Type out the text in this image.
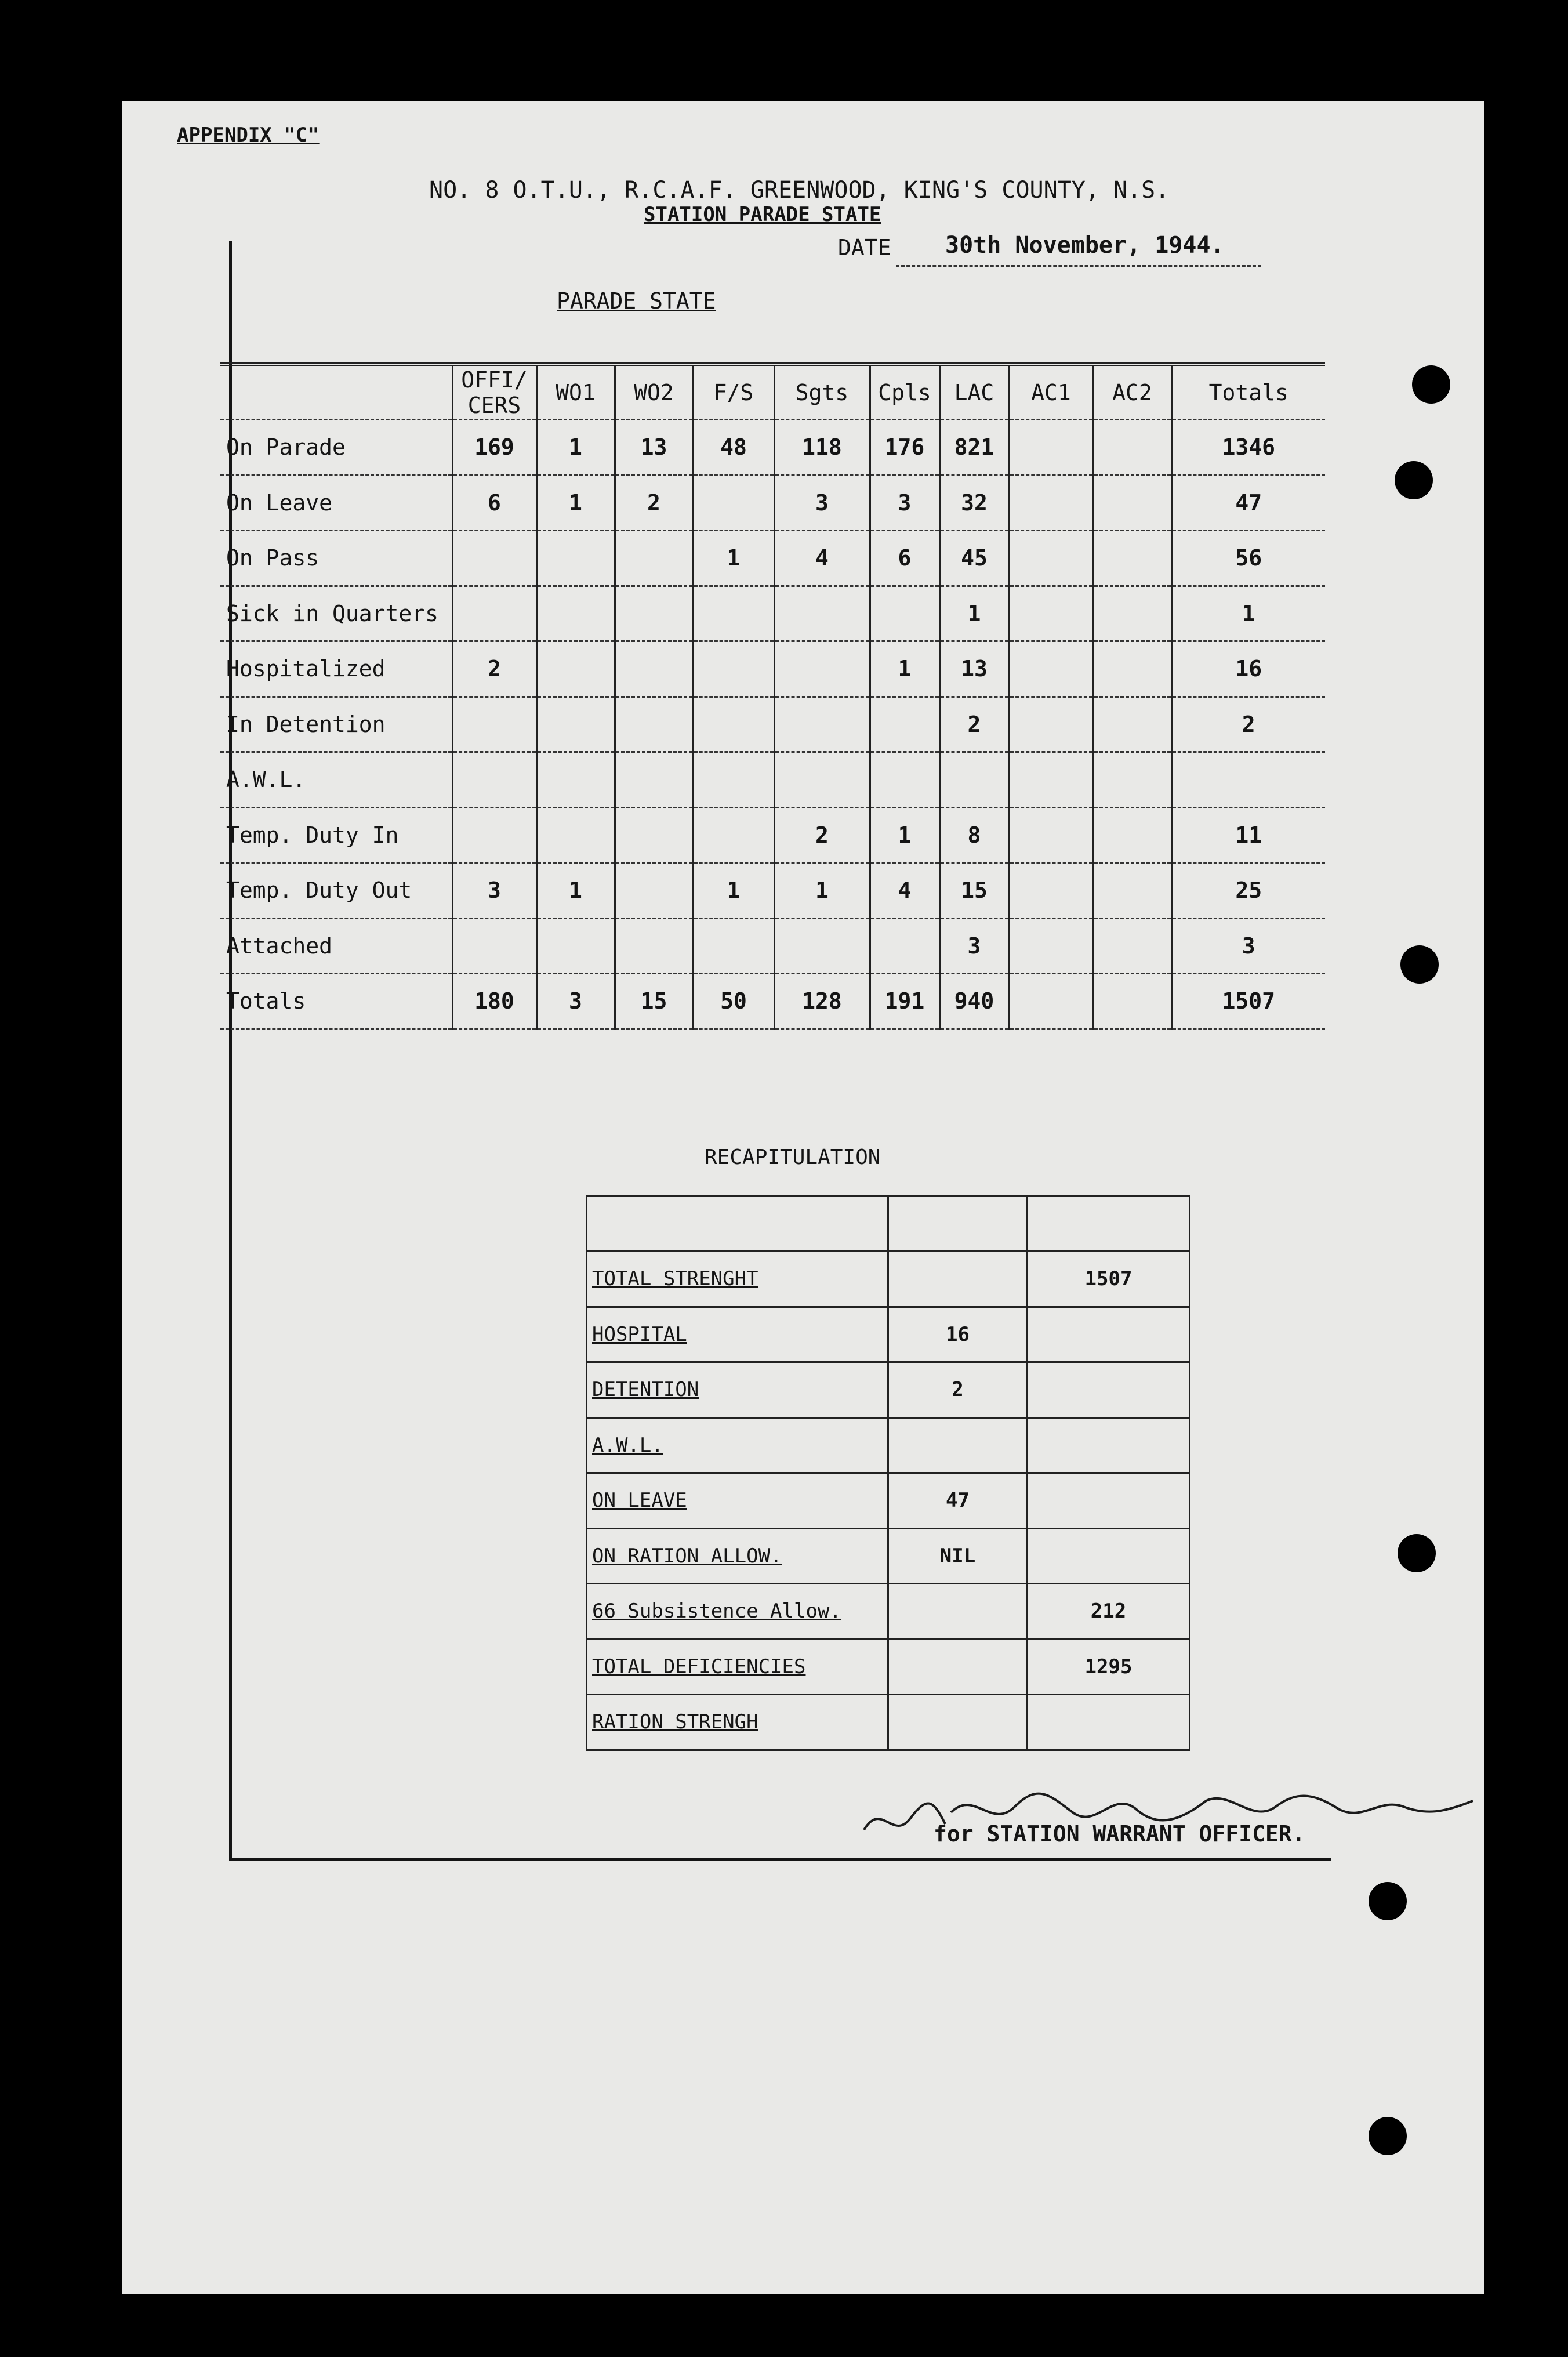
APPENDIX "C"
NO. 8 O.T.U., R.C.A.F. GREENWOOD, KING'S COUNTY, N.S.
STATION PARADE STATE
DATE 30th November, 1944.
PARADE STATE
	OFFI/ CERS	WO1	WO2	F/S	Sgts	Cpls	LAC	AC1	AC2	Totals
On Parade	169	1	13	48	118	176	821			1346
On Leave	6	1	2		3	3	32			47
On Pass				1	4	6	45			56
Sick in Quarters							1			1
Hospitalized	2					1	13			16
In Detention							2			2
A.W.L.										
Temp. Duty In					2	1	8			11
Temp. Duty Out	3	1		1	1	4	15			25
Attached							3			3
Totals	180	3	15	50	128	191	940			1507
RECAPITULATION

TOTAL STRENGHT		1507
HOSPITAL	16	
DETENTION	2	
A.W.L.		
ON LEAVE	47	
ON RATION ALLOW.	NIL	
66 Subsistence Allow.		212
TOTAL DEFICIENCIES		1295
RATION STRENGH		
for STATION WARRANT OFFICER.
